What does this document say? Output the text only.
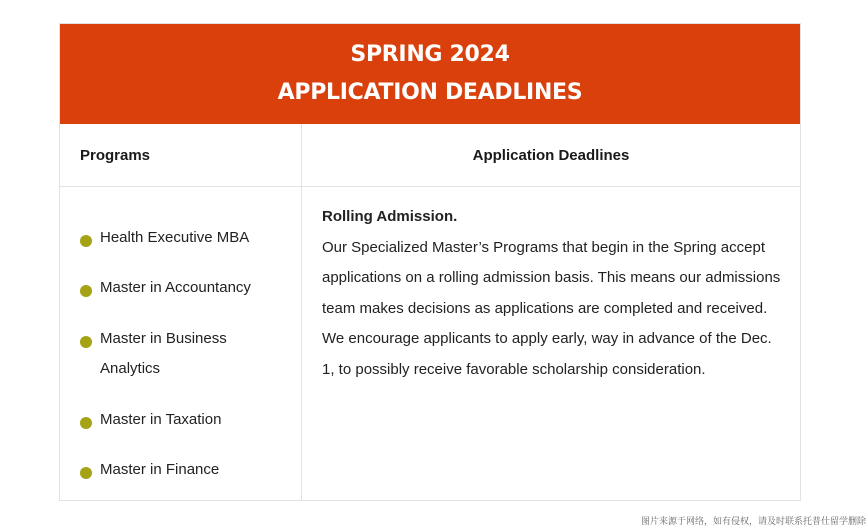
SPRING 2024
APPLICATION DEADLINES
Programs	Application Deadlines
Health Executive MBA
Master in Accountancy
Master in Business Analytics
Master in Taxation
Master in Finance
Rolling Admission.
Our Specialized Master’s Programs that begin in the Spring accept applications on a rolling admission basis. This means our admissions team makes decisions as applications are completed and received.
We encourage applicants to apply early, way in advance of the Dec. 1, to possibly receive favorable scholarship consideration.
图片来源于网络，如有侵权，请及时联系托普仕留学删除
